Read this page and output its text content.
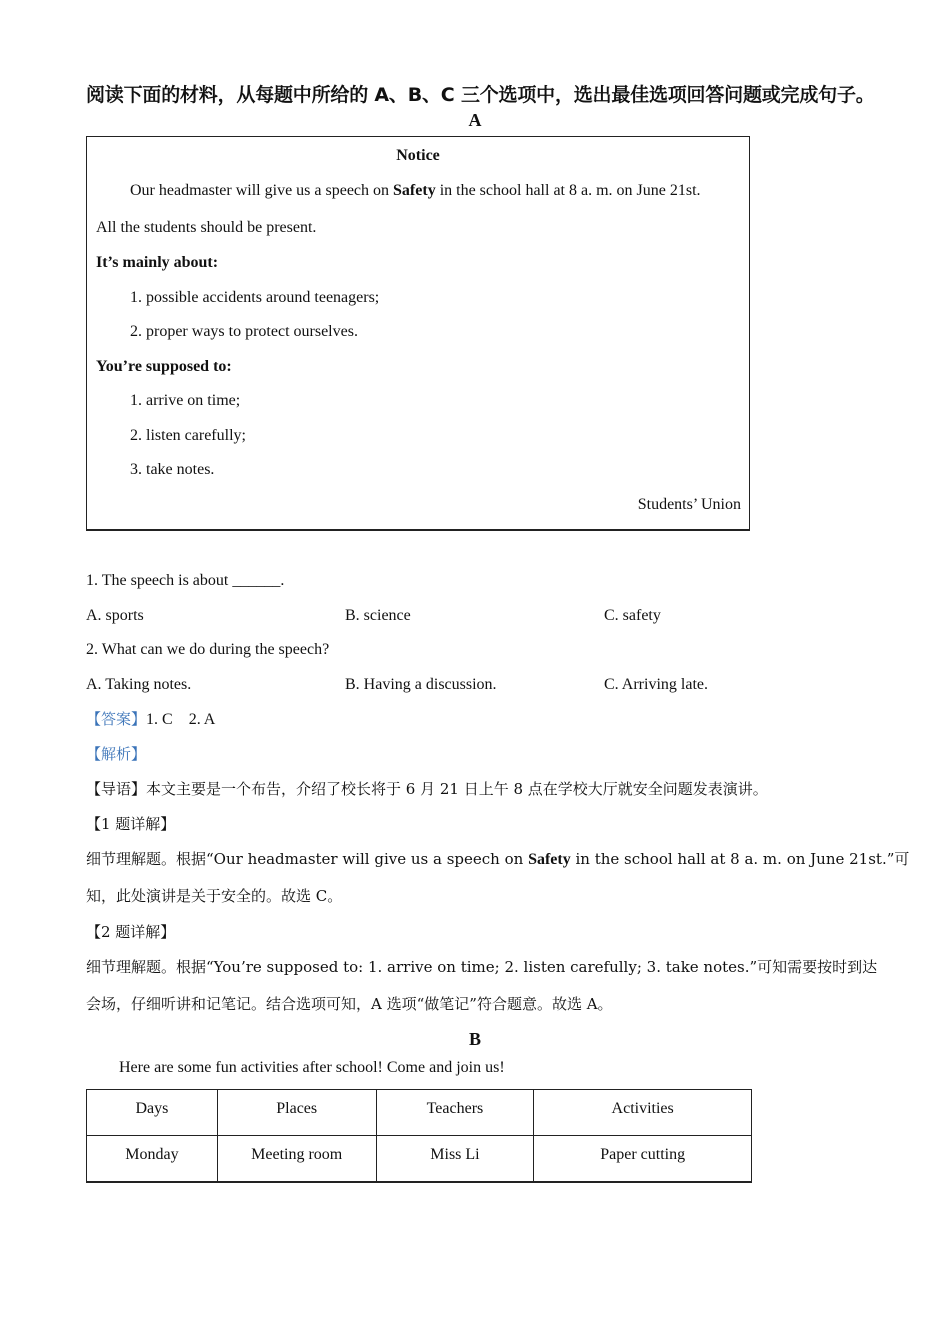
阅读下面的材料，从每题中所给的 A、B、C 三个选项中，选出最佳选项回答问题或完成句子。
A
Notice
Our headmaster will give us a speech on Safety in the school hall at 8 a. m. on June 21st.
All the students should be present.
It’s mainly about:
1. possible accidents around teenagers;
2. proper ways to protect ourselves.
You’re supposed to:
1. arrive on time;
2. listen carefully;
3. take notes.
Students’ Union
1. The speech is about ______.
A. sports	B. science	C. safety
2. What can we do during the speech?
A. Taking notes.	B. Having a discussion.	C. Arriving late.
【答案】1. C    2. A
【解析】
【导语】本文主要是一个布告，介绍了校长将于 6 月 21 日上午 8 点在学校大厅就安全问题发表演讲。
【1 题详解】
细节理解题。根据“Our headmaster will give us a speech on Safety in the school hall at 8 a. m. on June 21st.”可
知，此处演讲是关于安全的。故选 C。
【2 题详解】
细节理解题。根据“You’re supposed to: 1. arrive on time; 2. listen carefully; 3. take notes.”可知需要按时到达
会场，仔细听讲和记笔记。结合选项可知，A 选项“做笔记”符合题意。故选 A。
B
Here are some fun activities after school! Come and join us!
Days	Places	Teachers	Activities
Monday	Meeting room	Miss Li	Paper cutting
